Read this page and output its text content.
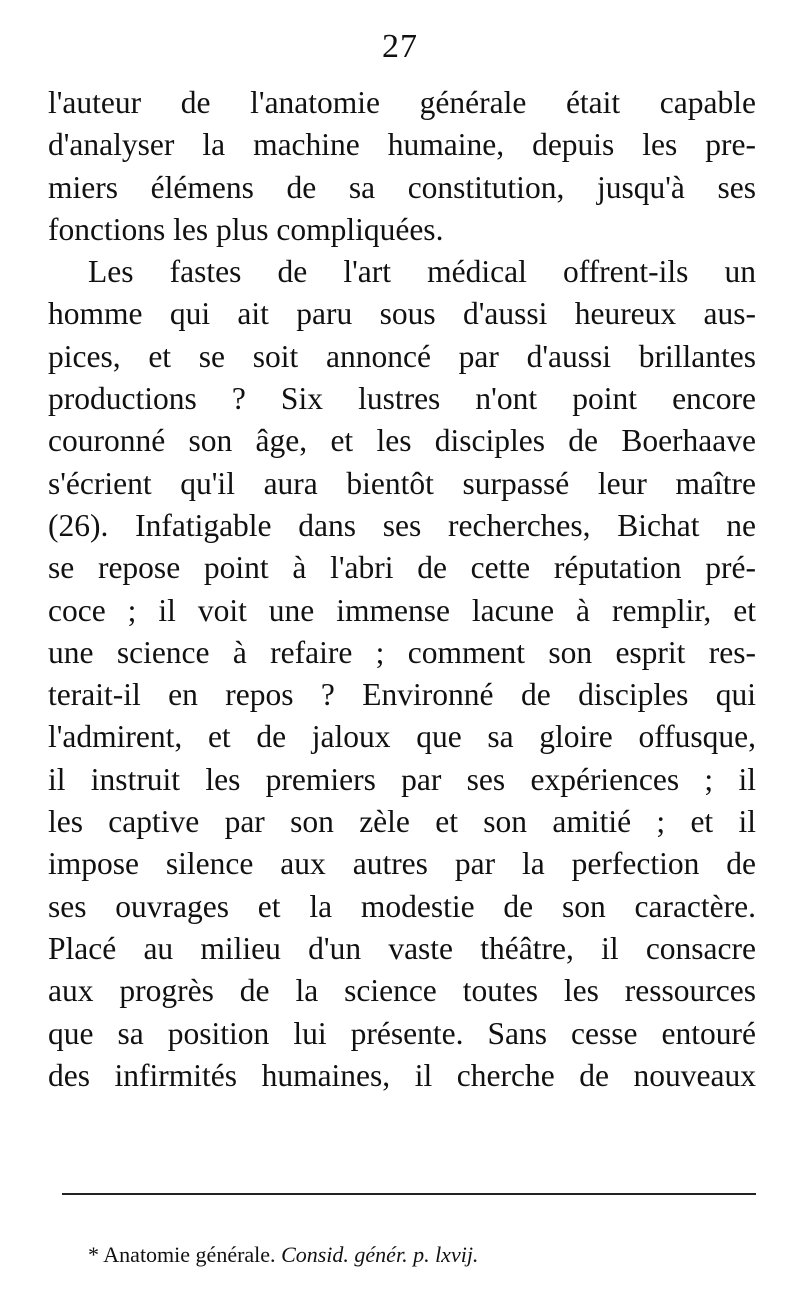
27
l'auteur de l'anatomie générale était capable
d'analyser la machine humaine, depuis les pre-
miers élémens de sa constitution, jusqu'à ses
fonctions les plus compliquées.
Les fastes de l'art médical offrent-ils un
homme qui ait paru sous d'aussi heureux aus-
pices, et se soit annoncé par d'aussi brillantes
productions ? Six lustres n'ont point encore
couronné son âge, et les disciples de Boerhaave
s'écrient qu'il aura bientôt surpassé leur maître
(26). Infatigable dans ses recherches, Bichat ne
se repose point à l'abri de cette réputation pré-
coce ; il voit une immense lacune à remplir, et
une science à refaire ; comment son esprit res-
terait-il en repos ? Environné de disciples qui
l'admirent, et de jaloux que sa gloire offusque,
il instruit les premiers par ses expériences ; il
les captive par son zèle et son amitié ; et il
impose silence aux autres par la perfection de
ses ouvrages et la modestie de son caractère.
Placé au milieu d'un vaste théâtre, il consacre
aux progrès de la science toutes les ressources
que sa position lui présente. Sans cesse entouré
des infirmités humaines, il cherche de nouveaux
* Anatomie générale. Consid. génér. p. lxvij.
